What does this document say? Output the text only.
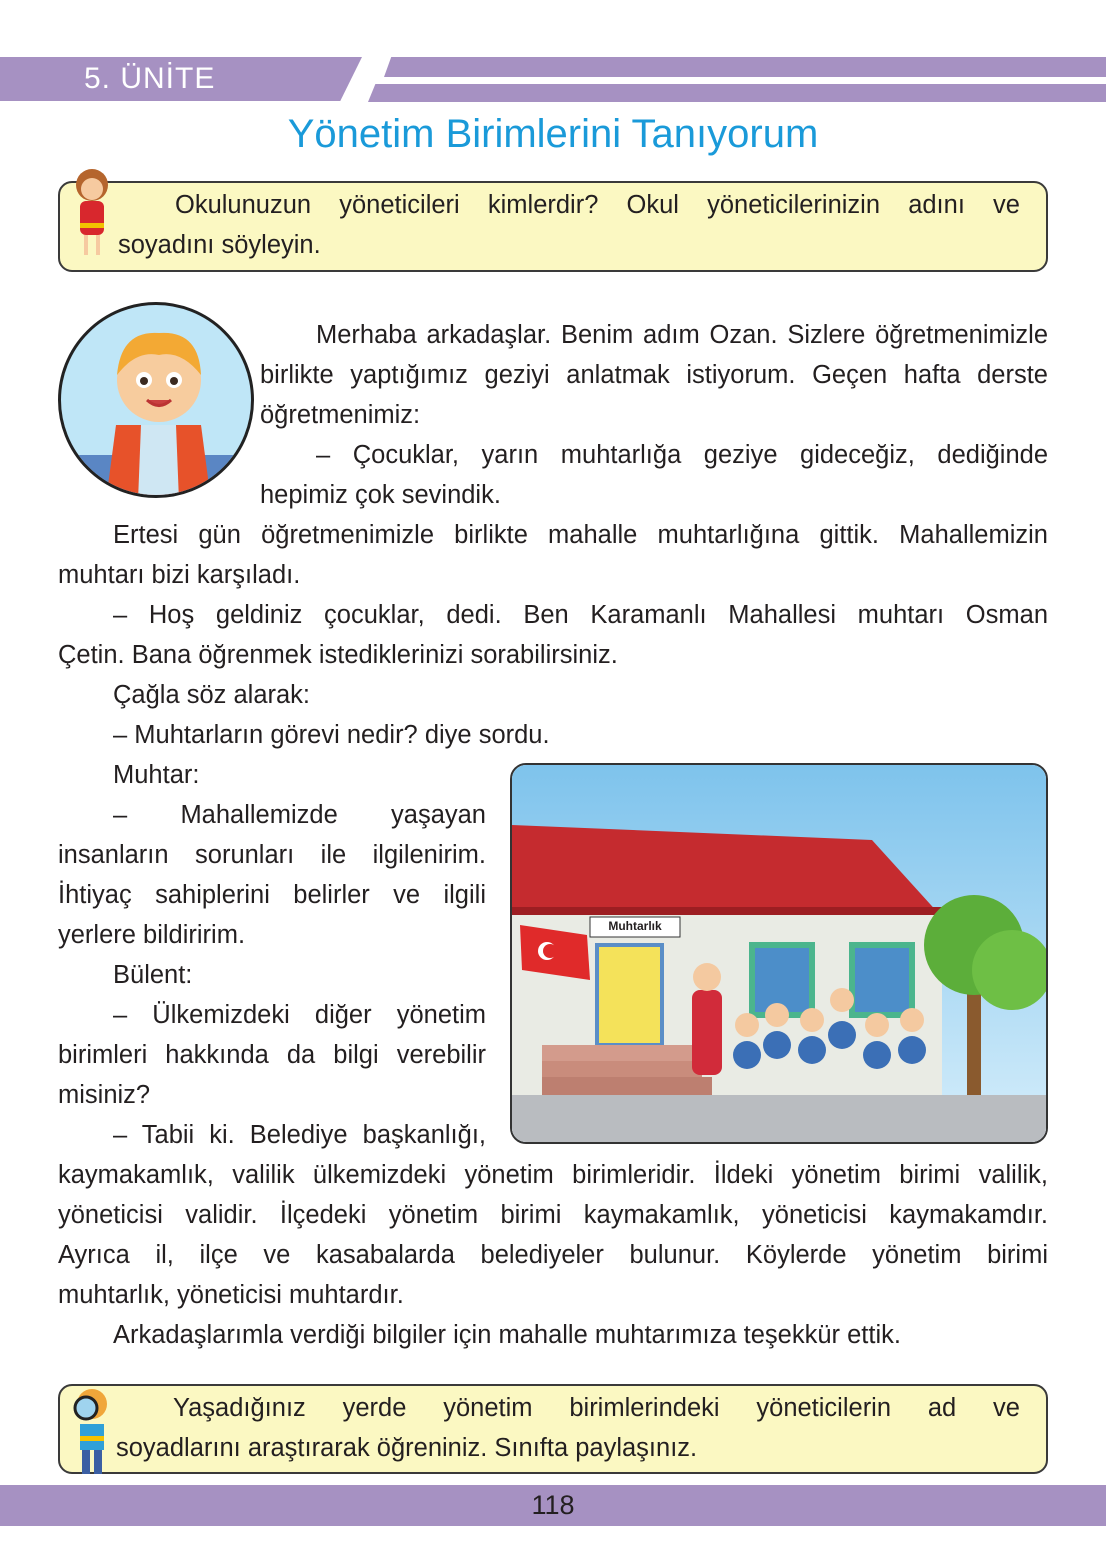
5. ÜNİTE
Yönetim Birimlerini Tanıyorum
Okulunuzun yöneticileri kimlerdir? Okul yöneticilerinizin adını ve
soyadını söyleyin.
Merhaba arkadaşlar. Benim adım Ozan. Sizlere öğretmenimizle
birlikte yaptığımız geziyi anlatmak istiyorum. Geçen hafta derste
öğretmenimiz:
– Çocuklar, yarın muhtarlığa geziye gideceğiz, dediğinde
hepimiz çok sevindik.
Ertesi gün öğretmenimizle birlikte mahalle muhtarlığına gittik. Mahallemizin
muhtarı bizi karşıladı.
– Hoş geldiniz çocuklar, dedi. Ben Karamanlı Mahallesi muhtarı Osman
Çetin. Bana öğrenmek istediklerinizi sorabilirsiniz.
Çağla söz alarak:
– Muhtarların görevi nedir? diye sordu.
Muhtar:
– Mahallemizde yaşayan
insanların sorunları ile ilgilenirim.
İhtiyaç sahiplerini belirler ve ilgili
yerlere bildiririm.
Bülent:
– Ülkemizdeki diğer yönetim
birimleri hakkında da bilgi verebilir
misiniz?
– Tabii ki. Belediye başkanlığı,
kaymakamlık, valilik ülkemizdeki yönetim birimleridir. İldeki yönetim birimi valilik,
yöneticisi validir. İlçedeki yönetim birimi kaymakamlık, yöneticisi kaymakamdır.
Ayrıca il, ilçe ve kasabalarda belediyeler bulunur. Köylerde yönetim birimi
muhtarlık, yöneticisi muhtardır.
Arkadaşlarımla verdiği bilgiler için mahalle muhtarımıza teşekkür ettik.
Muhtarlık
Yaşadığınız yerde yönetim birimlerindeki yöneticilerin ad ve
soyadlarını araştırarak öğreniniz. Sınıfta paylaşınız.
118
